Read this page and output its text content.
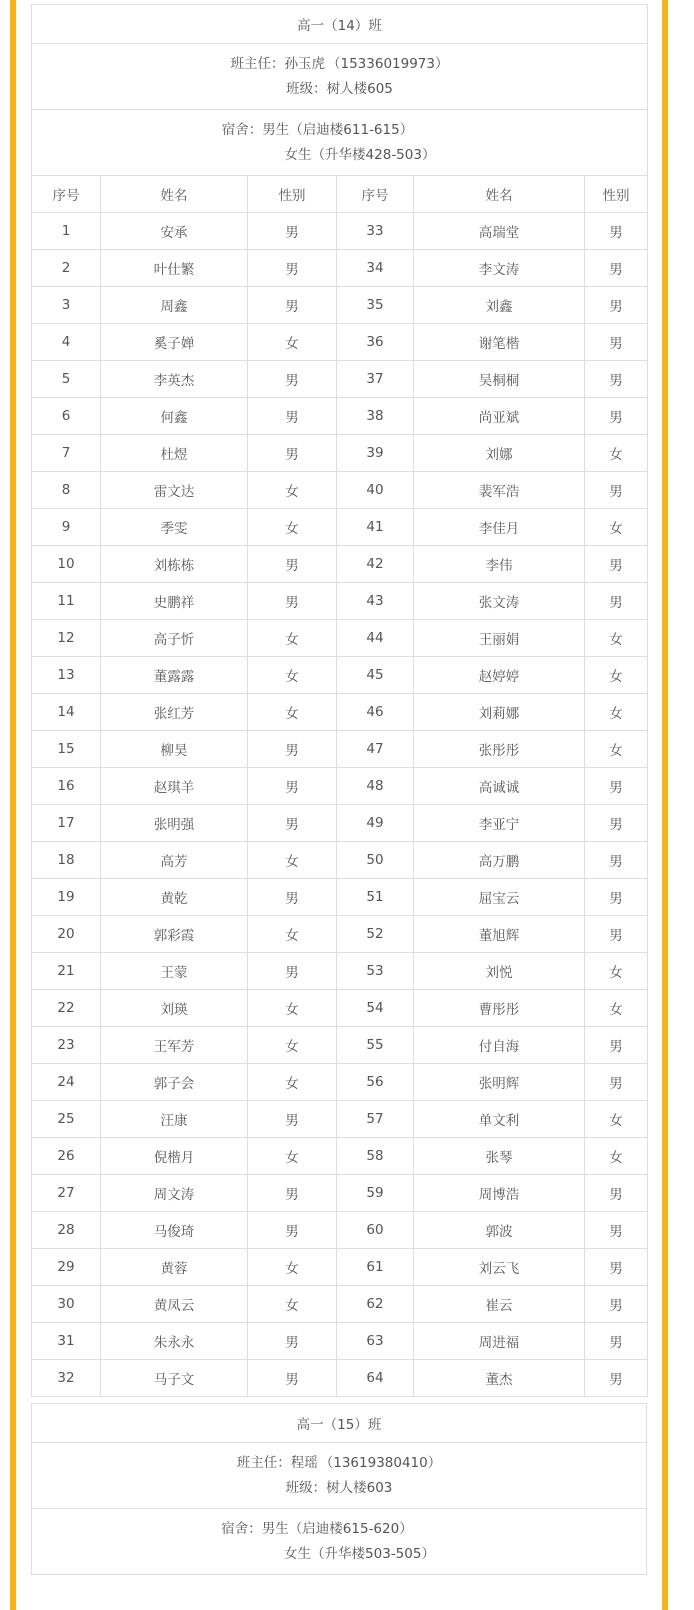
高一（14）班					

班主任：孙玉虎 （15336019973）
班级：树人楼605					

宿舍：男生（启迪楼611-615）
女生（升华楼428-503）					

序号	姓名	性别	序号	姓名	性别
1	安承	男	33	高瑞堂	男
2	叶仕繁	男	34	李文涛	男
3	周鑫	男	35	刘鑫	男
4	奚子婵	女	36	谢笔楷	男
5	李英杰	男	37	吴桐桐	男
6	何鑫	男	38	尚亚斌	男
7	杜煜	男	39	刘娜	女
8	雷文达	女	40	裴军浩	男
9	季雯	女	41	李佳月	女
10	刘栋栋	男	42	李伟	男
11	史鹏祥	男	43	张文涛	男
12	高子忻	女	44	王丽娟	女
13	董露露	女	45	赵婷婷	女
14	张红芳	女	46	刘莉娜	女
15	柳昊	男	47	张彤彤	女
16	赵琪羊	男	48	高诚诚	男
17	张明强	男	49	李亚宁	男
18	高芳	女	50	高万鹏	男
19	黄乾	男	51	屈宝云	男
20	郭彩霞	女	52	董旭辉	男
21	王蒙	男	53	刘悦	女
22	刘瑛	女	54	曹彤彤	女
23	王军芳	女	55	付自海	男
24	郭子会	女	56	张明辉	男
25	汪康	男	57	单文利	女
26	倪楷月	女	58	张琴	女
27	周文涛	男	59	周博浩	男
28	马俊琦	男	60	郭波	男
29	黄蓉	女	61	刘云飞	男
30	黄凤云	女	62	崔云	男
31	朱永永	男	63	周进福	男
32	马子文	男	64	董杰	男
高一（15）班

班主任：程瑶 （13619380410）
班级：树人楼603

宿舍：男生（启迪楼615-620）
女生（升华楼503-505）
